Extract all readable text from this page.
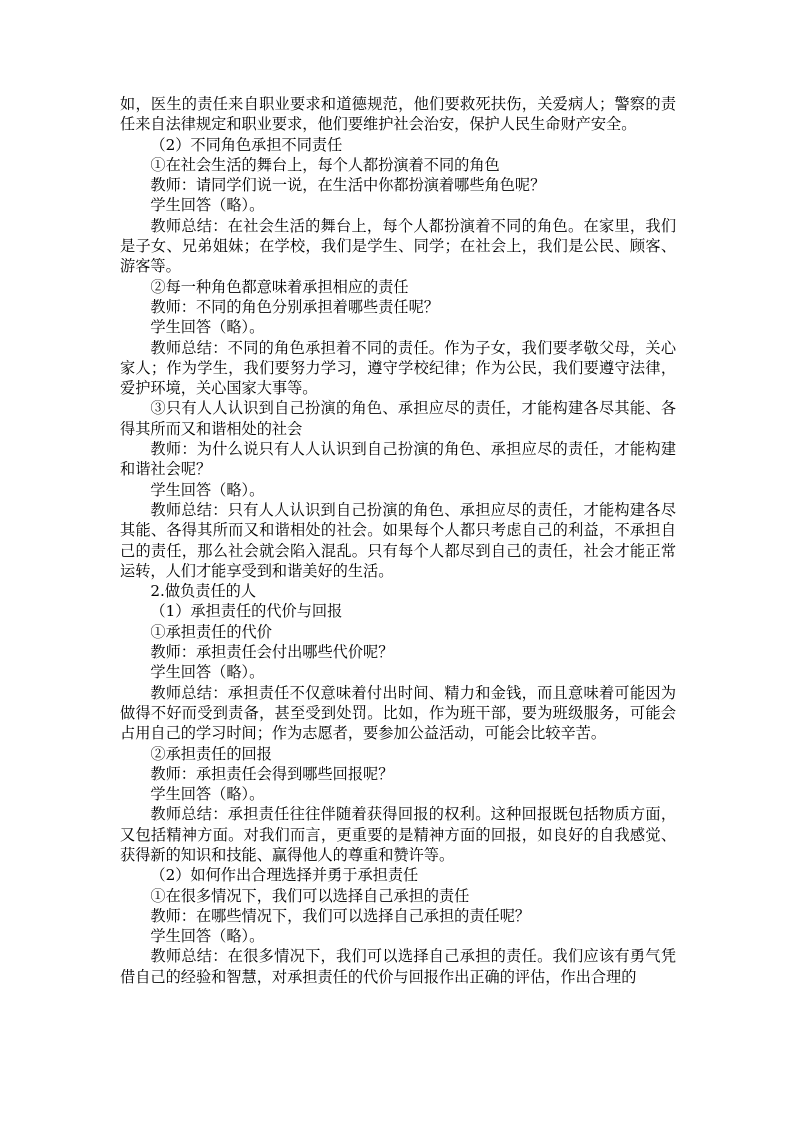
如，医生的责任来自职业要求和道德规范，他们要救死扶伤，关爱病人；警察的责任来自法律规定和职业要求，他们要维护社会治安，保护人民生命财产安全。

（2）不同角色承担不同责任

①在社会生活的舞台上，每个人都扮演着不同的角色

教师：请同学们说一说，在生活中你都扮演着哪些角色呢？

学生回答（略）。

教师总结：在社会生活的舞台上，每个人都扮演着不同的角色。在家里，我们是子女、兄弟姐妹；在学校，我们是学生、同学；在社会上，我们是公民、顾客、游客等。

②每一种角色都意味着承担相应的责任

教师：不同的角色分别承担着哪些责任呢？

学生回答（略）。

教师总结：不同的角色承担着不同的责任。作为子女，我们要孝敬父母，关心家人；作为学生，我们要努力学习，遵守学校纪律；作为公民，我们要遵守法律，爱护环境，关心国家大事等。

③只有人人认识到自己扮演的角色、承担应尽的责任，才能构建各尽其能、各得其所而又和谐相处的社会

教师：为什么说只有人人认识到自己扮演的角色、承担应尽的责任，才能构建和谐社会呢？

学生回答（略）。

教师总结：只有人人认识到自己扮演的角色、承担应尽的责任，才能构建各尽其能、各得其所而又和谐相处的社会。如果每个人都只考虑自己的利益，不承担自己的责任，那么社会就会陷入混乱。只有每个人都尽到自己的责任，社会才能正常运转，人们才能享受到和谐美好的生活。

2.做负责任的人

（1）承担责任的代价与回报

①承担责任的代价

教师：承担责任会付出哪些代价呢？

学生回答（略）。

教师总结：承担责任不仅意味着付出时间、精力和金钱，而且意味着可能因为做得不好而受到责备，甚至受到处罚。比如，作为班干部，要为班级服务，可能会占用自己的学习时间；作为志愿者，要参加公益活动，可能会比较辛苦。

②承担责任的回报

教师：承担责任会得到哪些回报呢？

学生回答（略）。

教师总结：承担责任往往伴随着获得回报的权利。这种回报既包括物质方面，又包括精神方面。对我们而言，更重要的是精神方面的回报，如良好的自我感觉、获得新的知识和技能、赢得他人的尊重和赞许等。

（2）如何作出合理选择并勇于承担责任

①在很多情况下，我们可以选择自己承担的责任

教师：在哪些情况下，我们可以选择自己承担的责任呢？

学生回答（略）。

教师总结：在很多情况下，我们可以选择自己承担的责任。我们应该有勇气凭借自己的经验和智慧，对承担责任的代价与回报作出正确的评估，作出合理的
